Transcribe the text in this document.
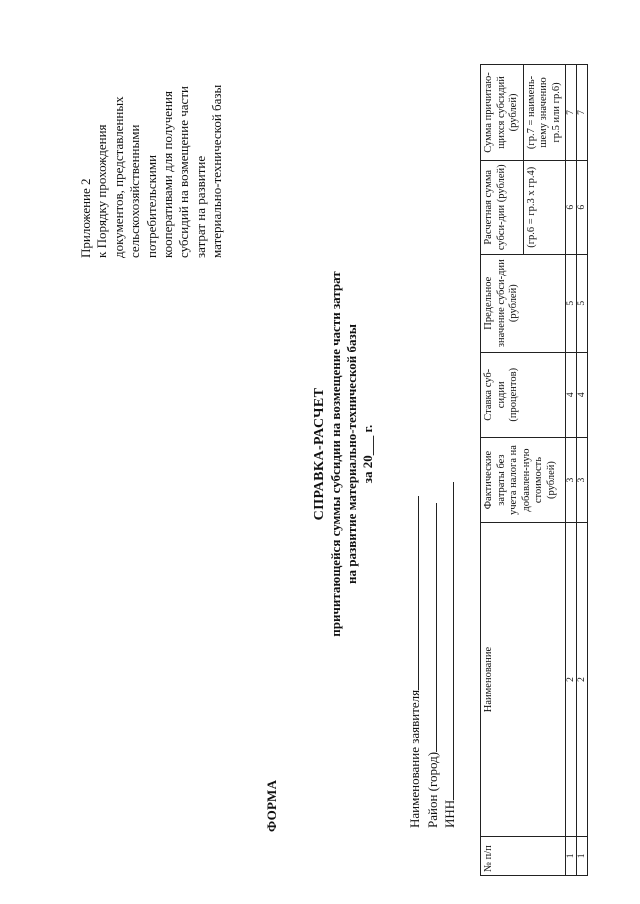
Приложение 2 к Порядку прохождения документов, представленных сельскохозяйственными потребительскими кооперативами для получения субсидий на возмещение части затрат на развитие материально-технической базы
ФОРМА
СПРАВКА-РАСЧЕТ причитающейся суммы субсидии на возмещение части затрат на развитие материально-технической базы за 20___ г.
Наименование заявителя Район (город) ИНН
№ п/п	Наименование	Фактические затраты без учета налога на добавлен-ную стоимость (рублей)	Ставка суб-сидии (процентов)	Предельное значение субси-дии (рублей)	Расчетная сумма субси-дии (рублей)	Сумма причитаю-щихся субсидий (рублей)
					(гр.6 = гр.3 х гр.4)	(гр.7 = наимень-шему значению гр.5 или гр.6)
1	2	3	4	5	6	7
1	2	3	4	5	6	7
